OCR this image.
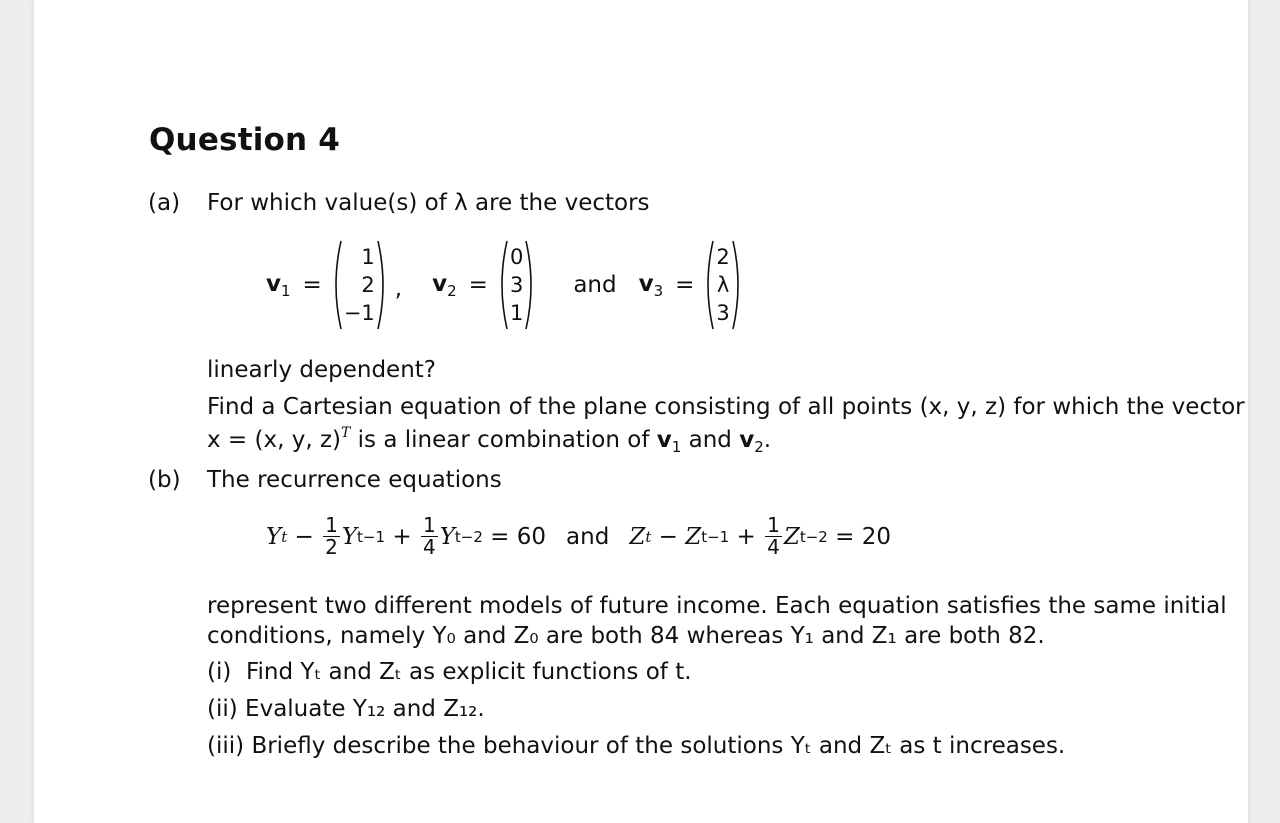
Question 4
(a) For which value(s) of λ are the vectors
$v_1$ =
1
2
−1
, $v_2$ =
0
3
1
and $v_3$ =
2
λ
3
linearly dependent?
Find a Cartesian equation of the plane consisting of all points (x, y, z) for which the vector
x = (x, y, z)$^T$ is a linear combination of $v_1$ and $v_2$.
(b) The recurrence equations
Y $t - \frac{1}{2}$ Y $t-1 + \frac{1}{4}$ Y t−2 = 60 and Z t − Z $t-1 + \frac{1}{4}$ Z t−2 = 20
represent two different models of future income. Each equation satisfies the same initial
conditions, namely Y₀ and Z₀ are both 84 whereas Y₁ and Z₁ are both 82.
(i) Find Yₜ and Zₜ as explicit functions of t.
(ii) Evaluate Y₁₂ and Z₁₂.
(iii) Briefly describe the behaviour of the solutions Yₜ and Zₜ as t increases.
